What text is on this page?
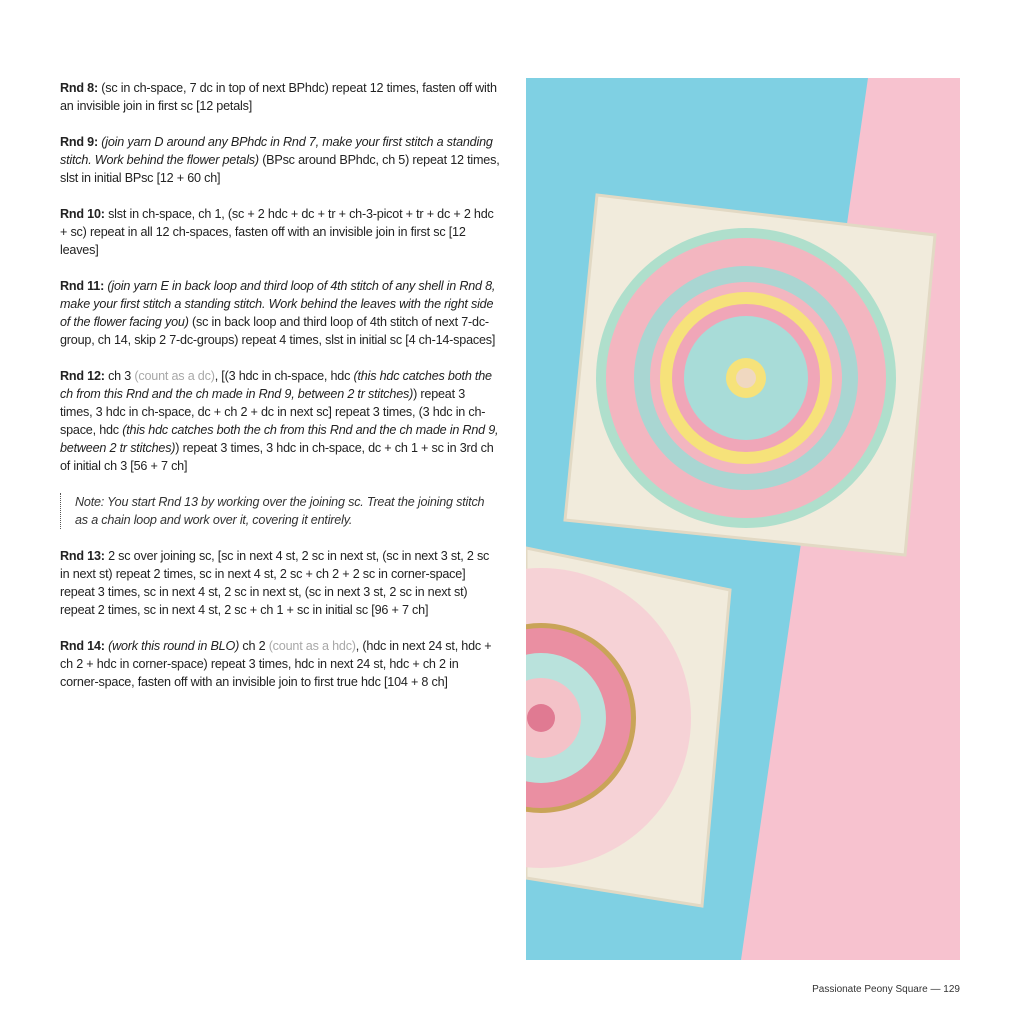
Rnd 8: (sc in ch-space, 7 dc in top of next BPhdc) repeat 12 times, fasten off with an invisible join in first sc [12 petals]

Rnd 9: (join yarn D around any BPhdc in Rnd 7, make your first stitch a standing stitch. Work behind the flower petals) (BPsc around BPhdc, ch 5) repeat 12 times, slst in initial BPsc [12 + 60 ch]

Rnd 10: slst in ch-space, ch 1, (sc + 2 hdc + dc + tr + ch-3-picot + tr + dc + 2 hdc + sc) repeat in all 12 ch-spaces, fasten off with an invisible join in first sc [12 leaves]

Rnd 11: (join yarn E in back loop and third loop of 4th stitch of any shell in Rnd 8, make your first stitch a standing stitch. Work behind the leaves with the right side of the flower facing you) (sc in back loop and third loop of 4th stitch of next 7-dc-group, ch 14, skip 2 7-dc-groups) repeat 4 times, slst in initial sc [4 ch-14-spaces]

Rnd 12: ch 3 (count as a dc), [(3 hdc in ch-space, hdc (this hdc catches both the ch from this Rnd and the ch made in Rnd 9, between 2 tr stitches)) repeat 3 times, 3 hdc in ch-space, dc + ch 2 + dc in next sc] repeat 3 times, (3 hdc in ch-space, hdc (this hdc catches both the ch from this Rnd and the ch made in Rnd 9, between 2 tr stitches)) repeat 3 times, 3 hdc in ch-space, dc + ch 1 + sc in 3rd ch of initial ch 3 [56 + 7 ch]

Note: You start Rnd 13 by working over the joining sc. Treat the joining stitch as a chain loop and work over it, covering it entirely.

Rnd 13: 2 sc over joining sc, [sc in next 4 st, 2 sc in next st, (sc in next 3 st, 2 sc in next st) repeat 2 times, sc in next 4 st, 2 sc + ch 2 + 2 sc in corner-space] repeat 3 times, sc in next 4 st, 2 sc in next st, (sc in next 3 st, 2 sc in next st) repeat 2 times, sc in next 4 st, 2 sc + ch 1 + sc in initial sc [96 + 7 ch]

Rnd 14: (work this round in BLO) ch 2 (count as a hdc), (hdc in next 24 st, hdc + ch 2 + hdc in corner-space) repeat 3 times, hdc in next 24 st, hdc + ch 2 in corner-space, fasten off with an invisible join to first true hdc [104 + 8 ch]

Passionate Peony Square — 129
